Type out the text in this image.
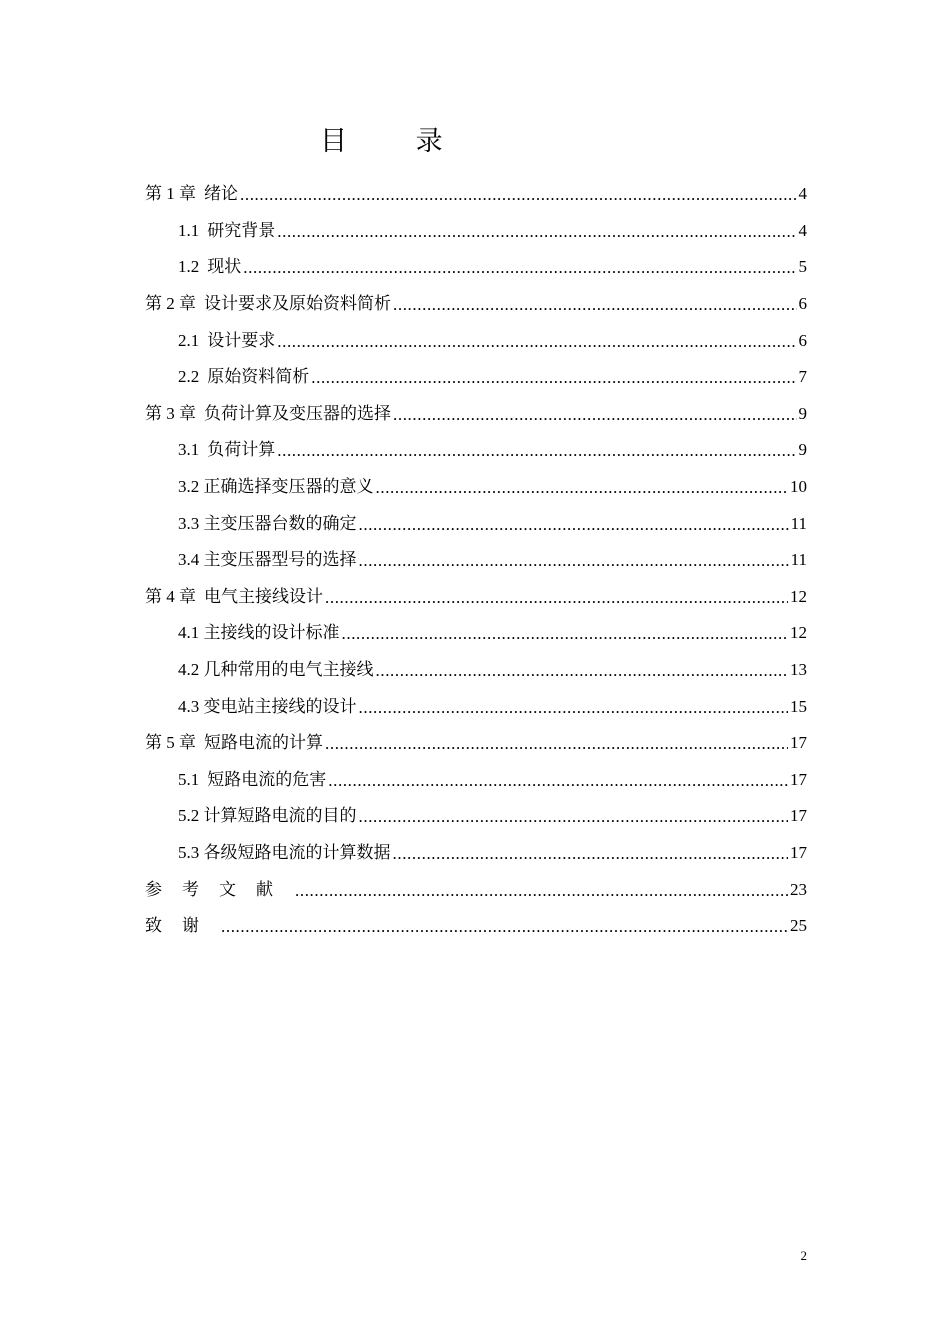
目 录
第 1 章 绪论 .....	4
1.1 研究背景 .....	4
1.2 现状 .....	5
第 2 章 设计要求及原始资料简析 .....	6
2.1 设计要求 .....	6
2.2 原始资料简析 .....	7
第 3 章 负荷计算及变压器的选择 .....	9
3.1 负荷计算 .....	9
3.2 正确选择变压器的意义 .....	10
3.3 主变压器台数的确定 .....	11
3.4 主变压器型号的选择 .....	11
第 4 章 电气主接线设计 .....	12
4.1 主接线的设计标准 .....	12
4.2 几种常用的电气主接线 .....	13
4.3 变电站主接线的设计 .....	15
第 5 章 短路电流的计算 .....	17
5.1 短路电流的危害 .....	17
5.2 计算短路电流的目的 .....	17
5.3 各级短路电流的计算数据 .....	17
参考文献 .....	23
致谢 .....	25
2
